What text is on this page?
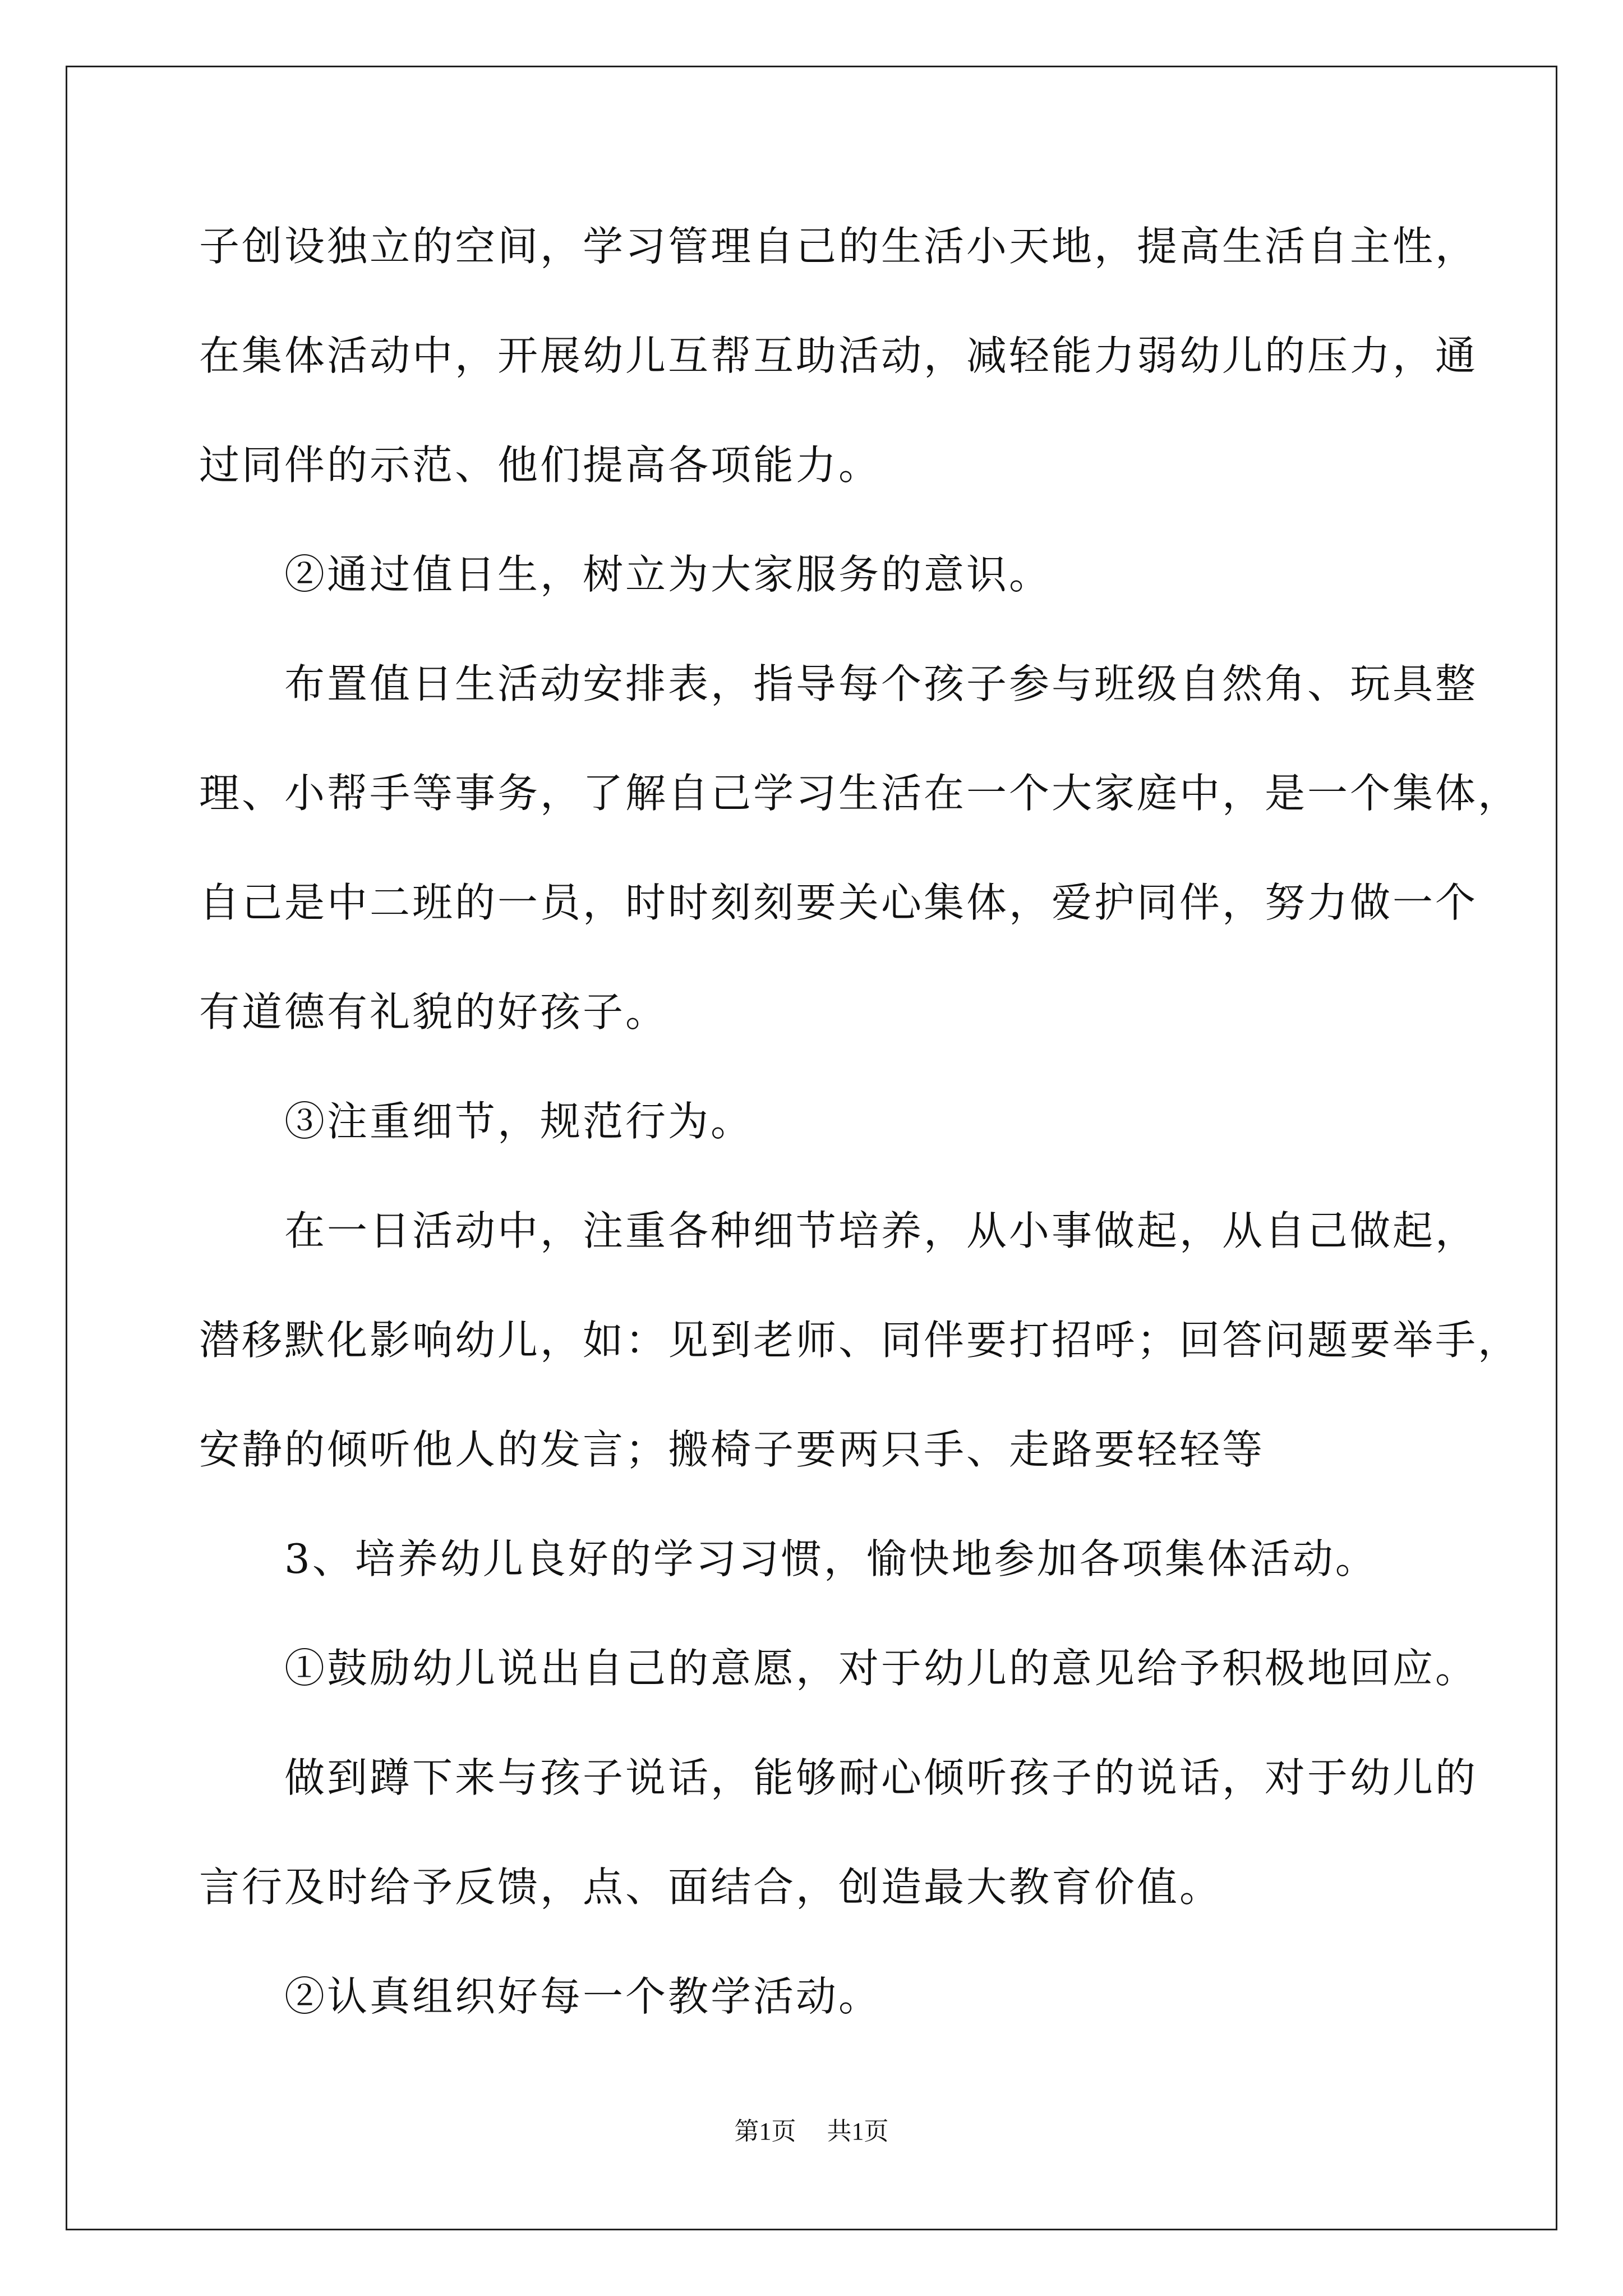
子创设独立的空间，学习管理自己的生活小天地，提高生活自主性，
在集体活动中，开展幼儿互帮互助活动，减轻能力弱幼儿的压力，通
过同伴的示范、他们提高各项能力。
　　②通过值日生，树立为大家服务的意识。
　　布置值日生活动安排表，指导每个孩子参与班级自然角、玩具整
理、小帮手等事务，了解自己学习生活在一个大家庭中，是一个集体，
自己是中二班的一员，时时刻刻要关心集体，爱护同伴，努力做一个
有道德有礼貌的好孩子。
　　③注重细节，规范行为。
　　在一日活动中，注重各种细节培养，从小事做起，从自己做起，
潜移默化影响幼儿，如：见到老师、同伴要打招呼；回答问题要举手，
安静的倾听他人的发言；搬椅子要两只手、走路要轻轻等
　　3、培养幼儿良好的学习习惯，愉快地参加各项集体活动。
　　①鼓励幼儿说出自己的意愿，对于幼儿的意见给予积极地回应。
　　做到蹲下来与孩子说话，能够耐心倾听孩子的说话，对于幼儿的
言行及时给予反馈，点、面结合，创造最大教育价值。
　　②认真组织好每一个教学活动。
第1页 共1页
